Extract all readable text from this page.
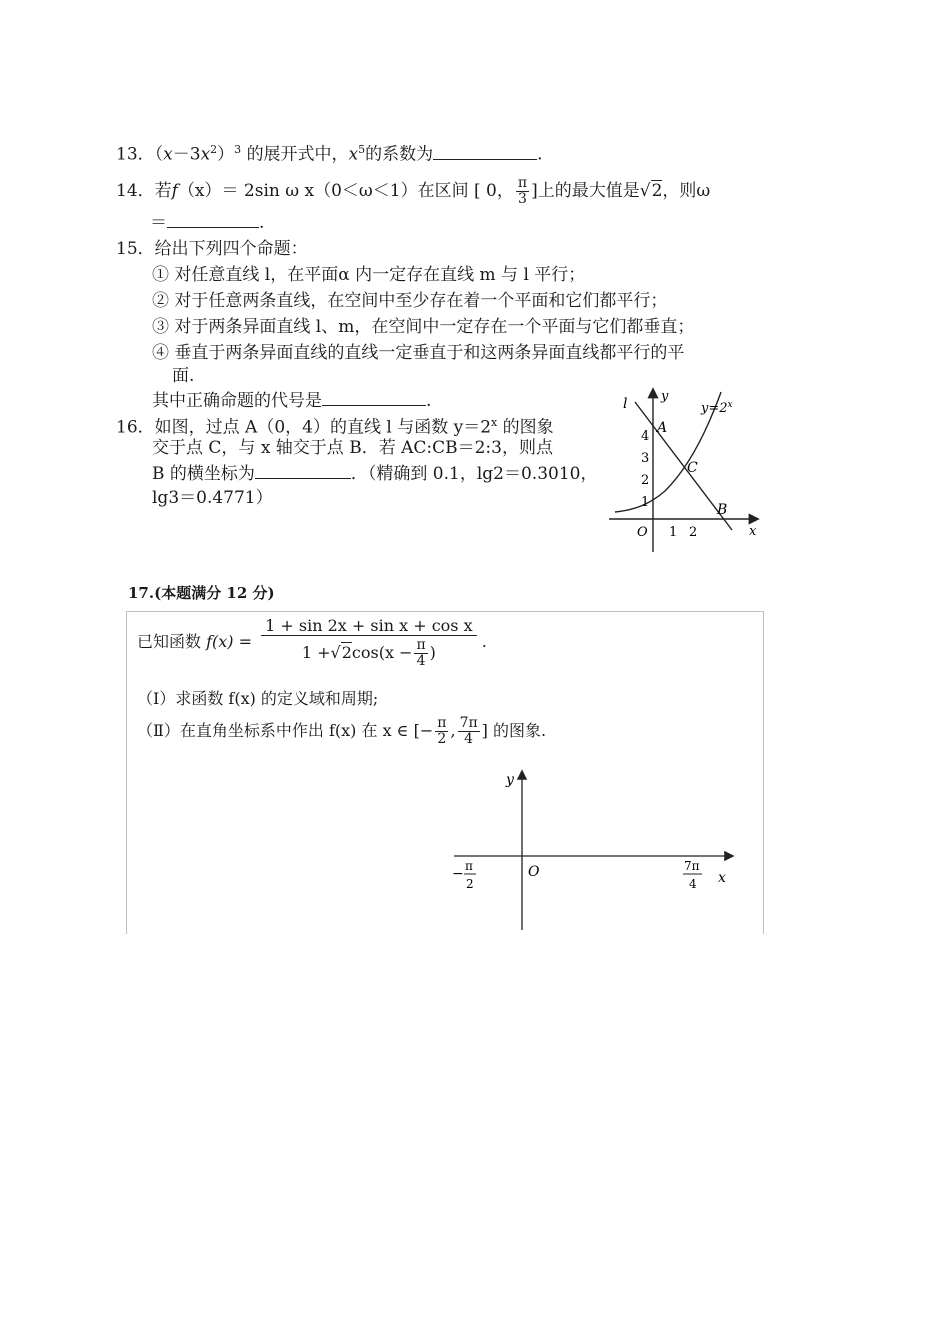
13．$(x-3x^2)^3$ 的展开式中，$x^5$的系数为	.
14．若f（x）＝ 2sin ω x（0＜ω＜1）在区间 [ 0， $\frac{\pi}{3}$ ]上的最大值是√2，则ω
＝	.
15．给出下列四个命题：
① 对任意直线 l，在平面α 内一定存在直线 m 与 l 平行；
② 对于任意两条直线，在空间中至少存在着一个平面和它们都平行；
③ 对于两条异面直线 l、m，在空间中一定存在一个平面与它们都垂直；
④ 垂直于两条异面直线的直线一定垂直于和这两条异面直线都平行的平
面.
其中正确命题的代号是	.
16．如图，过点 A（0，4）的直线 l 与函数 $y=2^x$ 的图象
交于点 C，与 x 轴交于点 B．若 AC:CB＝2:3，则点
B 的横坐标为	．（精确到 0.1，lg2＝0.3010，
lg3＝0.4771）
y
x
l	$y=2^x$
A
C
B
O
4
3
2
1
1 2
17.(本题满分 12 分)
已知函数 $f(x) = \frac{\text{1 + sin 2x + sin x + cos x}}{1 +√2\cos(x - \frac{\pi}{4} )}$ .
（Ⅰ）求函数 f(x) 的定义域和周期;
（Ⅱ）在直角坐标系中作出 f(x) 在 x ∈ [− $\frac{\pi}{2}$ , $\frac{7\pi}{4}$ ] 的图象.
y
x
O
− π
2
7π
4
